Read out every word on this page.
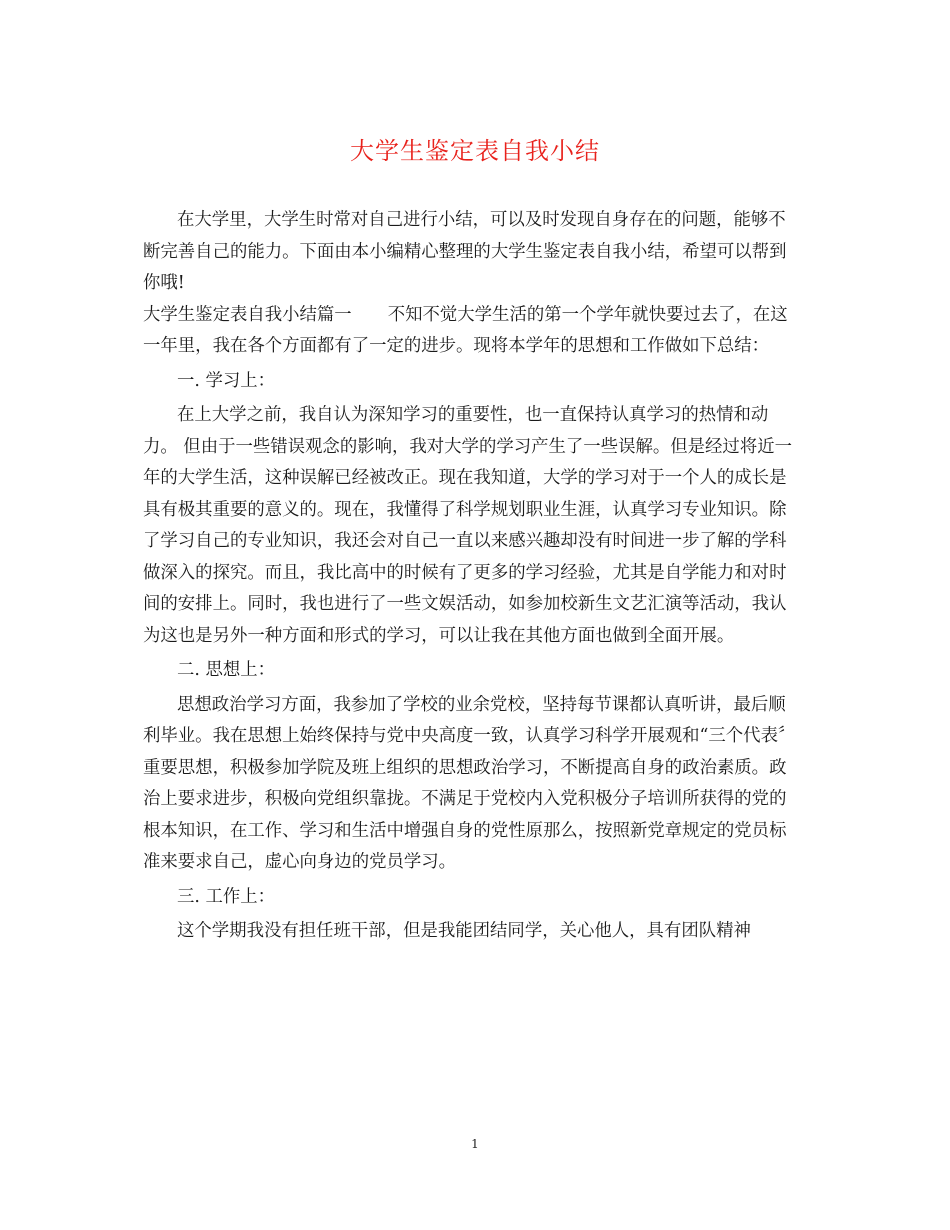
大学生鉴定表自我小结

在大学里，大学生时常对自己进行小结，可以及时发现自身存在的问题，能够不断完善自己的能力。下面由本小编精心整理的大学生鉴定表自我小结，希望可以帮到你哦!

大学生鉴定表自我小结篇一 不知不觉大学生活的第一个学年就快要过去了，在这一年里，我在各个方面都有了一定的进步。现将本学年的思想和工作做如下总结：

一. 学习上：

在上大学之前，我自认为深知学习的重要性，也一直保持认真学习的热情和动力。 但由于一些错误观念的影响，我对大学的学习产生了一些误解。但是经过将近一年的大学生活，这种误解已经被改正。现在我知道，大学的学习对于一个人的成长是具有极其重要的意义的。现在，我懂得了科学规划职业生涯，认真学习专业知识。除了学习自己的专业知识，我还会对自己一直以来感兴趣却没有时间进一步了解的学科做深入的探究。而且，我比高中的时候有了更多的学习经验，尤其是自学能力和对时间的安排上。同时，我也进行了一些文娱活动，如参加校新生文艺汇演等活动，我认为这也是另外一种方面和形式的学习，可以让我在其他方面也做到全面开展。

二. 思想上：

思想政治学习方面，我参加了学校的业余党校，坚持每节课都认真听讲，最后顺利毕业。我在思想上始终保持与党中央高度一致，认真学习科学开展观和“三个代表〞重要思想，积极参加学院及班上组织的思想政治学习，不断提高自身的政治素质。政治上要求进步，积极向党组织靠拢。不满足于党校内入党积极分子培训所获得的党的根本知识，在工作、学习和生活中增强自身的党性原那么，按照新党章规定的党员标准来要求自己，虚心向身边的党员学习。

三. 工作上：

这个学期我没有担任班干部，但是我能团结同学，关心他人，具有团队精神

1
